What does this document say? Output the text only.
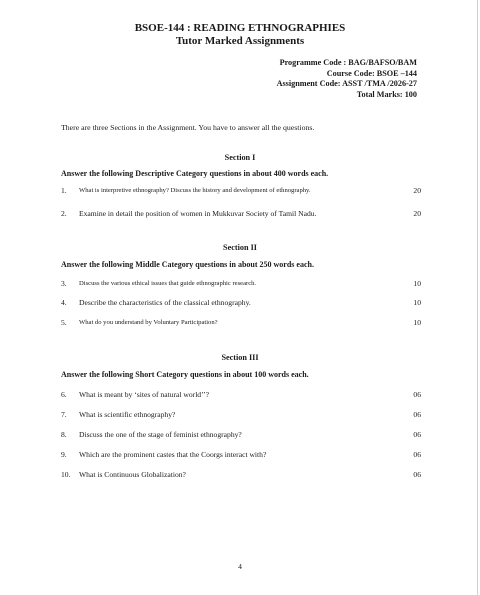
BSOE-144 : READING ETHNOGRAPHIES
Tutor Marked Assignments
Programme Code : BAG/BAFSO/BAM
Course Code: BSOE –144
Assignment Code: ASST /TMA /2026-27
Total Marks: 100
There are three Sections in the Assignment. You have to answer all the questions.
Section I
Answer the following Descriptive Category questions in about 400 words each.
1. What is interpretive ethnography? Discuss the history and development of ethnography.	20
2. Examine in detail the position of women in Mukkuvar Society of Tamil Nadu.	20
Section II
Answer the following Middle Category questions in about 250 words each.
3. Discuss the various ethical issues that guide ethnographic research.	10
4. Describe the characteristics of the classical ethnography.	10
5. What do you understand by Voluntary Participation?	10
Section III
Answer the following Short Category questions in about 100 words each.
6. What is meant by ‘sites of natural world’’?	06
7. What is scientific ethnography?	06
8. Discuss the one of the stage of feminist ethnography?	06
9. Which are the prominent castes that the Coorgs interact with?	06
10. What is Continuous Globalization?	06
4
